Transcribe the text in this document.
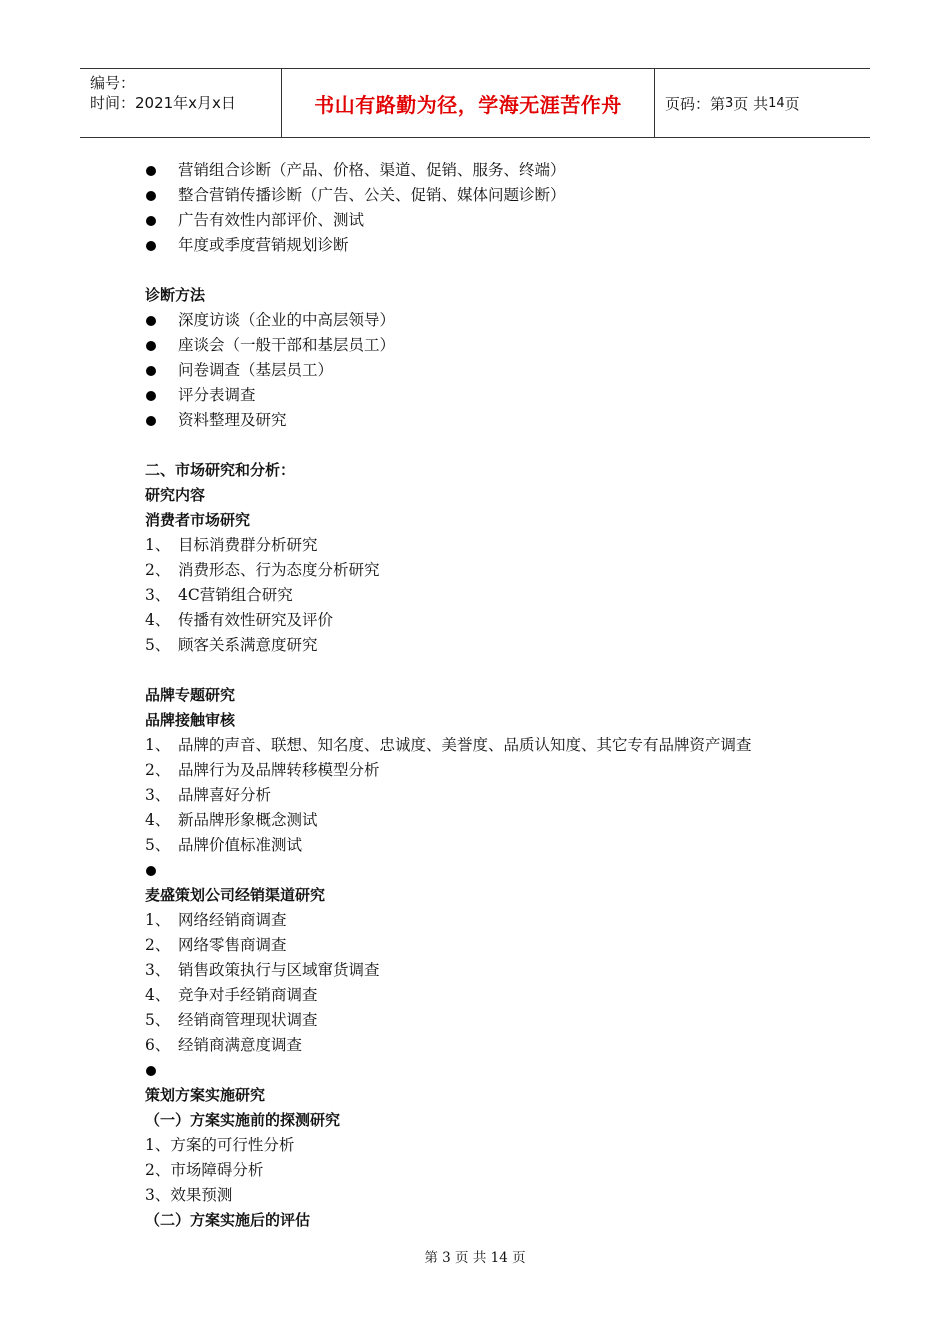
编号：
时间：2021年x月x日	书山有路勤为径，学海无涯苦作舟	页码：第 3 页 共 14 页
营销组合诊断（产品、价格、渠道、促销、服务、终端）
整合营销传播诊断（广告、公关、促销、媒体问题诊断）
广告有效性内部评价、测试
年度或季度营销规划诊断
诊断方法
深度访谈（企业的中高层领导）
座谈会（一般干部和基层员工）
问卷调查（基层员工）
评分表调查
资料整理及研究
二、市场研究和分析：
研究内容
消费者市场研究
1、 目标消费群分析研究
2、 消费形态、行为态度分析研究
3、 4C营销组合研究
4、 传播有效性研究及评价
5、 顾客关系满意度研究
品牌专题研究
品牌接触审核
1、 品牌的声音、联想、知名度、忠诚度、美誉度、品质认知度、其它专有品牌资产调查
2、 品牌行为及品牌转移模型分析
3、 品牌喜好分析
4、 新品牌形象概念测试
5、 品牌价值标准测试
麦盛策划公司经销渠道研究
1、 网络经销商调查
2、 网络零售商调查
3、 销售政策执行与区域窜货调查
4、 竞争对手经销商调查
5、 经销商管理现状调查
6、 经销商满意度调查
策划方案实施研究
（一）方案实施前的探测研究
1、方案的可行性分析
2、市场障碍分析
3、效果预测
（二）方案实施后的评估
第 3 页 共 14 页
